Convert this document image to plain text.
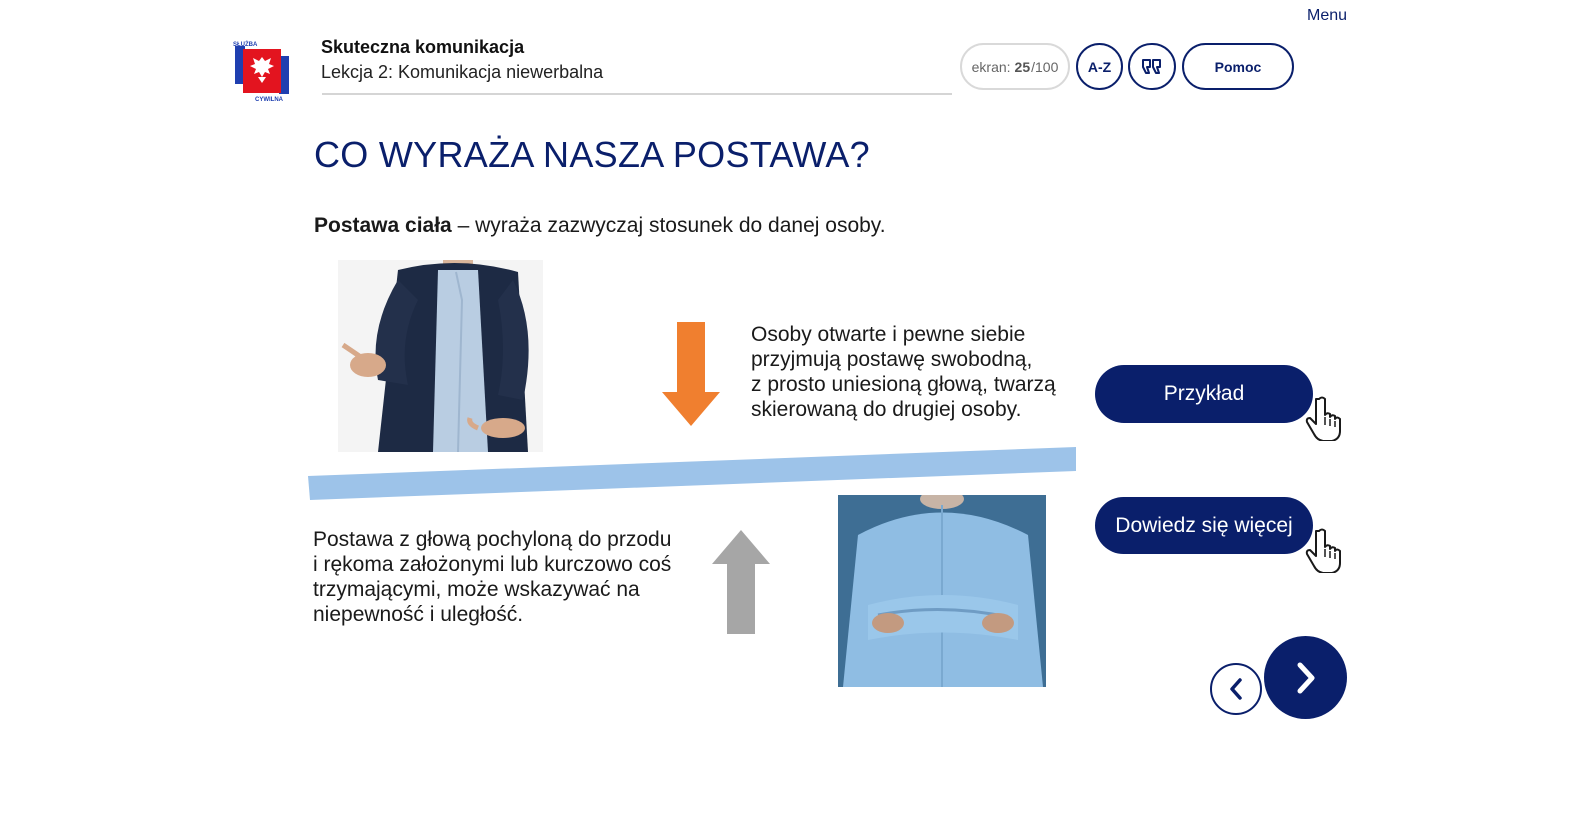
Menu
SŁUŻBA
CYWILNA
Skuteczna komunikacja
Lekcja 2: Komunikacja niewerbalna	ekran: 25 /100	A-Z	Pomoc
CO WYRAŻA NASZA POSTAWA?
Postawa ciała – wyraża zazwyczaj stosunek do danej osoby.
Osoby otwarte i pewne siebie
przyjmują postawę swobodną,
z prosto uniesioną głową, twarzą
skierowaną do drugiej osoby.
Postawa z głową pochyloną do przodu
i rękoma założonymi lub kurczowo coś
trzymającymi, może wskazywać na
niepewność i uległość.
Przykład
Dowiedz się więcej
